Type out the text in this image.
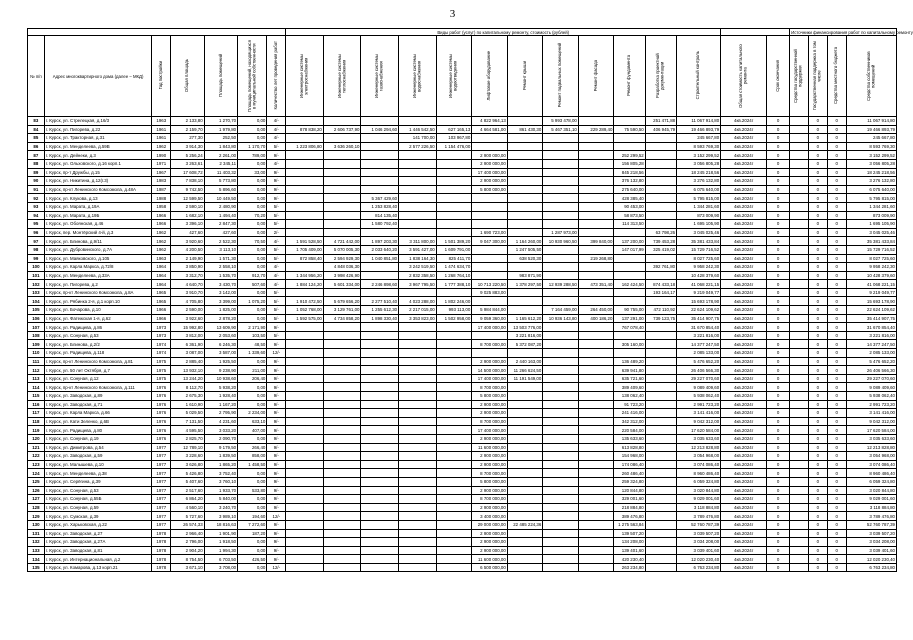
3
							Виды работ (услуг) по капитальному ремонту, стоимость (рублей)														Источники финансирования работ по капитальному ремонту			
№ п/п	Адрес многоквартирного дома (далее – МКД)	Год постройки	Общая площадь	Площадь помещений	Площадь помещений, находящихся в муниципальной собственности	Количество лет проведения работ	Инженерные системы электроснабжения	Инженерные системы теплоснабжения	Инженерные системы газоснабжения	Инженерные системы водоснабжения	Инженерные системы водоотведения	Лифтовое оборудование	Ремонт крыши	Ремонт подвальных помещений	Ремонт фасада	Ремонт фундамента	Разработка проектной документации	Строительный контроль	Общая стоимость капитального ремонта	Срок окончания	Средства государственной поддержки	Государственная поддержка в том числе	Средства местного бюджета	Средства собственников помещений
83	г. Курск, ул. Стрелецкая, д.16/3	1963	2 133,80	1 270,70	0,00	4/-						4 822 964,13		5 993 478,00			251 471,88	11 067 914,80	4кв.2024г	0		0	0	11 067 914,80
84	г. Курск, ул. Пигорева, д.22	1961	2 159,70	1 979,80	0,00	4/-	878 838,20	2 606 737,90	1 046 294,60	1 446 542,50	627 165,13	4 664 581,00	861 430,30	5 467 351,10	229 289,40	75 590,50	406 945,79	19 466 893,79	4кв.2024г	0		0	0	19 466 893,79
85	г. Курск, ул. Тракторная, д.31	1961	277,30	252,50	0,00	4/-				141 700,00	103 967,80							245 667,80	4кв.2024г	0		0	0	245 667,80
86	г. Курск, ул. Менделеева, д.59В	1962	3 914,30	1 843,80	1 170,70	5/-	1 223 806,80	3 636 260,10		2 577 226,50	1 154 476,00							8 593 769,30	4кв.2024г	0		0	0	8 593 769,30
87	г. Курск, ул. Дейнеки, д.3	1990	5 256,24	2 261,00	789,00	9/-						2 900 000,00				252 299,52		3 152 299,52	4кв.2024г	0		0	0	3 152 299,52
88	г. Курск, ул. Ольховского, д.16 корп.1	1971	3 263,61	2 345,11	0,00	4/-						2 900 000,00				156 805,28		3 056 805,28	4кв.2024г	0		0	0	3 056 805,28
89	г. Курск, пр-т Дружбы, д.15	1967	17 608,72	11 403,32	33,00	9/-						17 400 000,00				845 218,56		18 245 218,56	4кв.2024г	0		0	0	18 245 218,56
90	г. Курск, ул. Никитина, д.12(г.3)	1983	7 838,10	5 773,80	0,00	9/-						2 900 000,00				376 132,80		3 276 132,80	4кв.2024г	0		0	0	3 276 132,80
91	г. Курск, пр-кт Ленинского Комсомола, д.48А	1987	9 742,50	5 896,60	0,00	9/-						5 800 000,00				275 640,00		6 075 640,00	4кв.2024г	0		0	0	6 075 640,00
92	г. Курск, ул. Клукова, д.13	1988	12 599,50	10 449,50	0,00	9/-			5 367 429,60							428 385,40		5 795 815,00	4кв.2024г	0		0	0	5 795 815,00
93	г. Курск, ул. Марата, д.19А	1958	2 590,10	2 480,90	0,00	5/-			1 253 828,40							90 453,00		1 344 281,60	4кв.2024г	0		0	0	1 344 281,60
94	г. Курск, ул. Марата, д.19Б	1966	1 682,10	1 494,40	70,20	5/-			814 135,40							58 873,50		873 009,90	4кв.2024г	0		0	0	873 009,90
95	г. Курск, ул. Обоянская, д.46	1966	3 396,10	2 847,30	0,00	5/-			1 580 792,40							114 313,50		1 695 105,90	4кв.2024г	0		0	0	1 695 105,90
96	г. Курск, пер. Монтёрский 4-й, д.3	1962	427,60	427,60	0,00	2/-						1 690 723,00		1 287 973,00			63 798,26	3 045 025,46	4кв.2024г	0		0	0	3 045 025,46
97	г. Курск, ул. Блинова, д.9/11	1962	3 920,60	2 522,30	70,50	4/-	1 591 528,50	4 721 442,00	1 897 203,30	3 311 800,00	1 501 389,20	9 047 300,00	1 164 260,00	10 930 960,50	399 840,00	137 200,00	739 453,28	35 381 433,84	4кв.2024г	0		0	0	35 381 433,84
98	г. Курск, ул. Дубровинского, д.7А	1962	4 200,50	3 113,10	0,00	5/-	1 705 409,00	5 070 005,30	2 033 640,20	3 591 427,00	1 609 791,00		1 247 505,50			147 017,99	325 419,02	15 729 716,52	4кв.2024г	0		0	0	15 729 716,52
99	г. Курск, ул. Маяковского, д.105	1963	2 149,90	1 571,30	0,00	5/-	872 858,40	2 594 929,30	1 040 851,80	1 838 164,30	825 411,70		638 520,30		219 268,80			8 027 725,60	4кв.2024г	0		0	0	8 027 725,60
100	г. Курск, ул. Карла Маркса, д.72/8	1964	3 850,90	2 558,10	0,00	4/-		4 848 036,30		3 242 519,50	1 474 634,70						392 761,80	9 958 242,30	4кв.2024г	0		0	0	9 958 242,30
101	г. Курск, ул. Менделеева, д.33А	1964	3 312,70	1 535,70	912,70	4/-	1 344 956,20	3 998 426,90		2 832 358,50	1 268 764,10		983 871,90					10 428 379,60	4кв.2024г	0		0	0	10 428 379,60
102	г. Курск, ул. Пигорева, д.2	1964	4 640,70	3 430,70	507,60	4/-	1 884 124,20	5 601 334,00	2 246 898,60	3 967 795,50	1 777 388,10	10 713 220,50	1 378 297,50	12 939 288,50	473 351,40	162 424,50	874 433,18	41 068 221,15	4кв.2024г	0		0	0	41 068 221,15
103	г. Курск, пр-кт Ленинского Комсомола, д.8А	1965	3 910,70	3 142,00	0,00	5/-						9 025 883,00					193 164,17	9 219 049,77	4кв.2024г	0		0	0	9 219 049,77
104	г. Курск, ул. Рябинка 2-я, д.1 корп.10	1965	4 705,80	3 399,00	1 075,20	5/-	1 910 472,50	5 679 656,20	2 277 510,40	4 023 288,00	1 802 246,00							15 693 178,90	4кв.2024г	0		0	0	15 693 178,90
105	г. Курск, ул. Бочарова, д.10	1966	2 590,00	1 825,00	0,00	5/-	1 052 768,00	3 129 761,00	1 255 612,30	2 217 015,00	993 113,00	5 984 844,00		7 164 459,00	264 450,00	90 755,00	472 110,92	22 624 109,62	4кв.2024г	0		0	0	22 624 109,62
106	г. Курск, ул. Фатежская 1-я, д.62	1966	3 922,60	2 878,20	0,00	5/-	1 592 575,00	4 734 858,20	1 898 330,40	3 353 823,00	1 502 958,00	9 059 360,00	1 165 612,20	10 936 143,80	400 186,20	137 291,00	739 123,75	35 414 907,75	4кв.2024г	0		0	0	35 414 907,75
107	г. Курск, ул. Радищева, д.86	1973	15 992,80	13 609,90	2 171,90	9/-						17 400 000,00	13 503 776,00			767 078,40		31 670 854,40	4кв.2024г	0		0	0	31 670 854,40
108	г. Курск, ул. Сонуная, д.53	1973	3 812,00	2 053,60	103,50	5/-							3 221 816,00					3 221 816,00	4кв.2024г	0		0	0	3 221 816,00
109	г. Курск, ул. Блинова, д.2/2	1974	6 361,90	6 246,30	48,50	9/-						8 700 000,00	5 372 087,20			305 160,00		14 377 247,50	4кв.2024г	0		0	0	14 377 247,50
110	г. Курск, ул. Радищева, д.118	1974	3 087,00	3 587,00	1 339,60	12/-												2 085 133,00	4кв.2024г	0		0	0	2 085 133,00
111	г. Курск, пр-кт Ленинского Комсомола, д.81	1975	2 885,40	1 925,50	0,00	9/-						2 900 000,00	2 440 163,00			136 489,20		5 476 652,20	4кв.2024г	0		0	0	5 476 652,20
112	г. Курск, ул. 50 лет Октября, д.7	1975	13 932,10	9 238,90	211,00	9/-						14 500 000,00	11 266 624,50			639 941,80		26 406 566,30	4кв.2024г	0		0	0	26 406 566,30
113	г. Курск, ул. Сонуная, д.12	1975	13 244,20	10 938,60	206,40	9/-						17 400 000,00	11 191 549,00			635 721,60		29 227 070,60	4кв.2024г	0		0	0	29 227 070,60
114	г. Курск, пр-кт Ленинского Комсомола, д.111	1976	8 112,70	5 938,20	0,00	9/-						8 700 000,00				389 409,60		9 089 409,60	4кв.2024г	0		0	0	9 089 409,60
115	г. Курск, ул. Заводская, д.89	1976	2 675,30	1 928,40	0,00	9/-						5 800 000,00				138 062,40		5 938 062,40	4кв.2024г	0		0	0	5 938 062,40
116	г. Курск, ул. Заводская, д.71	1976	1 610,90	1 167,20	0,00	9/-						2 900 000,00				91 723,20		2 991 723,20	4кв.2024г	0		0	0	2 991 723,20
117	г. Курск, ул. Карла Маркса, д.66	1976	5 029,50	2 795,90	2 234,00	9/-						2 900 000,00				241 416,00		3 141 416,00	4кв.2024г	0		0	0	3 141 416,00
118	г. Курск, ул. Кати Зеленко, д.6В	1976	7 131,50	4 231,60	633,10	9/-						8 700 000,00				342 312,00		9 042 312,00	4кв.2024г	0		0	0	9 042 312,00
119	г. Курск, ул. Радищева, д.80	1976	4 595,50	3 033,20	407,00	9/-						17 400 000,00				220 584,00		17 620 584,00	4кв.2024г	0		0	0	17 620 584,00
120	г. Курск, ул. Сонуная, д.19	1976	2 825,70	2 090,70	0,00	9/-						2 900 000,00				135 633,60		3 035 633,60	4кв.2024г	0		0	0	3 035 633,60
121	г. Курск, ул. Димитрова, д.54	1977	12 789,10	9 179,50	266,40	9/-						11 600 000,00				613 828,80		12 213 828,80	4кв.2024г	0		0	0	12 213 828,80
122	г. Курск, ул. Заводская, д.59	1977	3 228,60	1 839,50	858,00	9/-						2 900 000,00				154 968,00		3 054 968,00	4кв.2024г	0		0	0	3 054 968,00
123	г. Курск, ул. Малышева, д.10	1977	3 626,80	1 865,20	1 458,50	9/-						2 900 000,00				174 086,40		3 074 086,40	4кв.2024г	0		0	0	3 074 086,40
124	г. Курск, ул. Менделеева, д.38	1977	5 426,80	3 752,40	0,00	9/-						8 700 000,00				260 486,40		8 960 486,40	4кв.2024г	0		0	0	8 960 486,40
125	г. Курск, ул. Серёгина, д.39	1977	5 407,60	3 760,10	0,00	9/-						5 800 000,00				259 324,80		6 059 324,80	4кв.2024г	0		0	0	6 059 324,80
126	г. Курск, ул. Сонуная, д.53	1977	2 517,60	1 933,70	533,80	9/-						2 900 000,00				120 844,80		3 020 844,80	4кв.2024г	0		0	0	3 020 844,80
127	г. Курск, ул. Сонуная, д.55Б	1977	6 864,20	5 840,00	0,00	9/-						8 700 000,00				329 001,60		9 029 001,60	4кв.2024г	0		0	0	9 029 001,60
128	г. Курск, ул. Сонуная, д.59	1977	4 560,10	3 240,70	0,00	9/-						2 900 000,00				218 884,80		3 118 884,80	4кв.2024г	0		0	0	3 118 884,80
129	г. Курск, ул. Сумская, д.39	1977	5 727,60	3 989,10	194,60	12/-						3 400 000,00				389 476,80		3 789 476,80	4кв.2024г	0		0	0	3 789 476,80
130	г. Курск, ул. Харьковская, д.22	1977	26 574,33	18 816,63	7 272,60	9/-						29 000 000,00	22 485 224,36			1 275 563,84		52 760 787,39	4кв.2024г	0		0	0	52 760 787,39
131	г. Курск, ул. Заводская, д.27	1978	2 966,40	1 901,90	187,20	9/-						2 900 000,00				139 507,20		3 039 507,20	4кв.2024г	0		0	0	3 039 507,20
132	г. Курск, ул. Заводская, д.27А	1978	2 796,00	1 918,50	0,00	9/-						2 900 000,00				134 208,00		3 034 208,00	4кв.2024г	0		0	0	3 034 208,00
133	г. Курск, ул. Заводская, д.81	1978	2 904,20	1 994,30	0,00	9/-						2 900 000,00				139 401,60		3 039 401,60	4кв.2024г	0		0	0	3 039 401,60
134	г. Курск, ул. Интернациональная, д.2	1978	8 754,50	6 703,50	426,50	9/-						11 600 000,00				420 230,40		12 020 230,40	4кв.2024г	0		0	0	12 020 230,40
135	г. Курск, ул. Комарова, д.13 корп.21	1978	3 671,10	3 708,00	0,00	12/-						6 500 000,00				263 234,80		6 763 234,80	4кв.2024г	0		0	0	6 763 234,80
